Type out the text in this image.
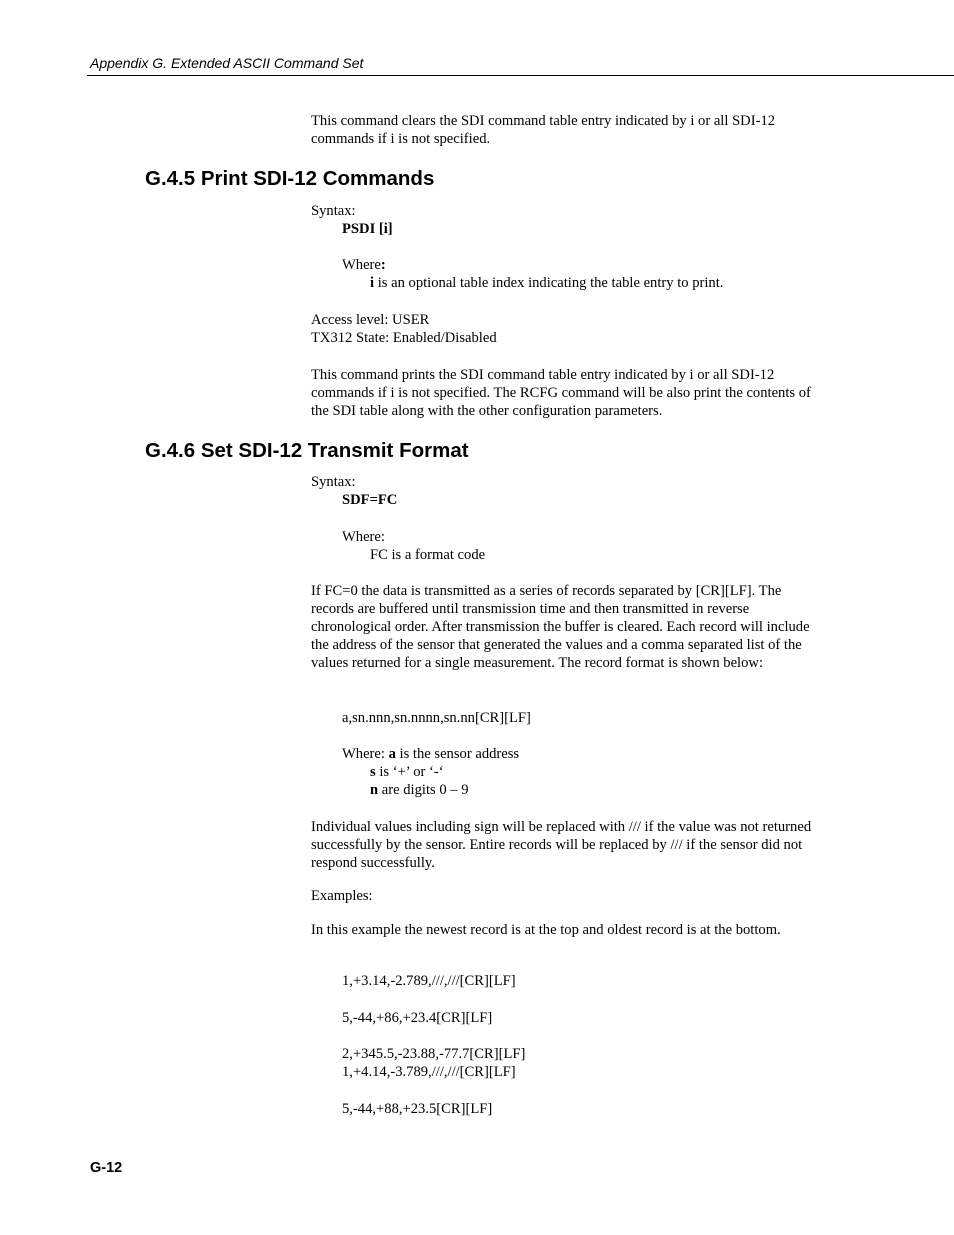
Appendix G. Extended ASCII Command Set

This command clears the SDI command table entry indicated by i or all SDI-12 commands if i is not specified.

G.4.5 Print SDI-12 Commands
Syntax:
PSDI [i]
Where:
i is an optional table index indicating the table entry to print.
Access level: USER
TX312 State: Enabled/Disabled

This command prints the SDI command table entry indicated by i or all SDI-12 commands if i is not specified. The RCFG command will be also print the contents of the SDI table along with the other configuration parameters.

G.4.6 Set SDI-12 Transmit Format
Syntax:
SDF=FC
Where:
FC is a format code

If FC=0 the data is transmitted as a series of records separated by [CR][LF]. The records are buffered until transmission time and then transmitted in reverse chronological order. After transmission the buffer is cleared. Each record will include the address of the sensor that generated the values and a comma separated list of the values returned for a single measurement. The record format is shown below:

a,sn.nnn,sn.nnnn,sn.nn[CR][LF]
Where: a is the sensor address
s is ‘+’ or ‘-‘
n are digits 0 – 9

Individual values including sign will be replaced with /// if the value was not returned successfully by the sensor. Entire records will be replaced by /// if the sensor did not respond successfully.

Examples:

In this example the newest record is at the top and oldest record is at the bottom.

1,+3.14,-2.789,///,///[CR][LF]
5,-44,+86,+23.4[CR][LF]
2,+345.5,-23.88,-77.7[CR][LF]
1,+4.14,-3.789,///,///[CR][LF]
5,-44,+88,+23.5[CR][LF]
G-12
